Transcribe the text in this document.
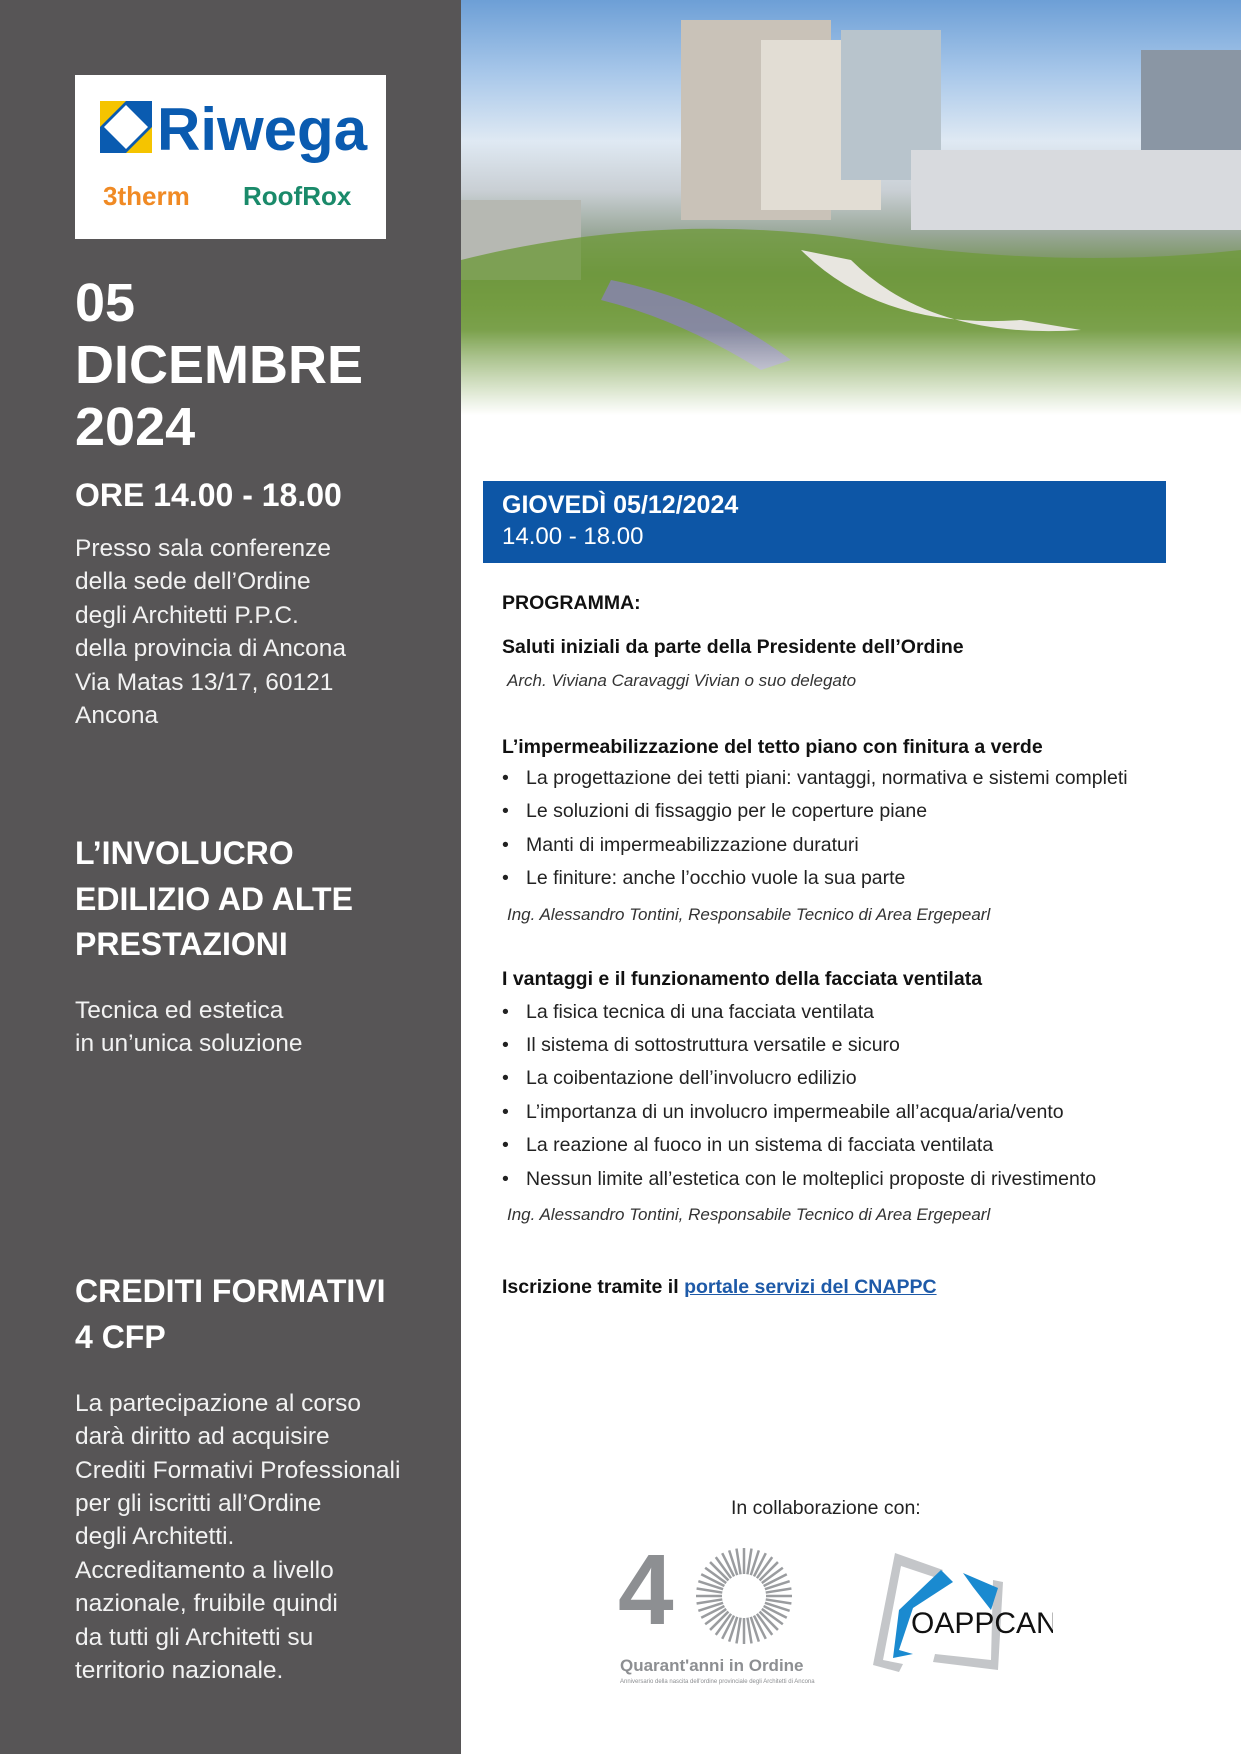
Riwega
3therm RoofRox
05
DICEMBRE
2024
ORE 14.00 - 18.00
Presso sala conferenze
della sede dell’Ordine
degli Architetti P.P.C.
della provincia di Ancona
Via Matas 13/17, 60121
Ancona
L’INVOLUCRO
EDILIZIO AD ALTE
PRESTAZIONI
Tecnica ed estetica
in un’unica soluzione
CREDITI FORMATIVI
4 CFP
La partecipazione al corso
darà diritto ad acquisire
Crediti Formativi Professionali
per gli iscritti all’Ordine
degli Architetti.
Accreditamento a livello
nazionale, fruibile quindi
da tutti gli Architetti su
territorio nazionale.
GIOVEDÌ 05/12/2024
14.00 - 18.00
PROGRAMMA:
Saluti iniziali da parte della Presidente dell’Ordine
Arch. Viviana Caravaggi Vivian o suo delegato
L’impermeabilizzazione del tetto piano con finitura a verde
• La progettazione dei tetti piani: vantaggi, normativa e sistemi completi
• Le soluzioni di fissaggio per le coperture piane
• Manti di impermeabilizzazione duraturi
• Le finiture: anche l’occhio vuole la sua parte
Ing. Alessandro Tontini, Responsabile Tecnico di Area Ergepearl
I vantaggi e il funzionamento della facciata ventilata
• La fisica tecnica di una facciata ventilata
• Il sistema di sottostruttura versatile e sicuro
• La coibentazione dell’involucro edilizio
• L’importanza di un involucro impermeabile all’acqua/aria/vento
• La reazione al fuoco in un sistema di facciata ventilata
• Nessun limite all’estetica con le molteplici proposte di rivestimento
Ing. Alessandro Tontini, Responsabile Tecnico di Area Ergepearl
Iscrizione tramite il portale servizi del CNAPPC
In collaborazione con:
4
Quarant'anni in Ordine
Anniversario della nascita dell'ordine provinciale degli Architetti di Ancona
OAPPCAN
